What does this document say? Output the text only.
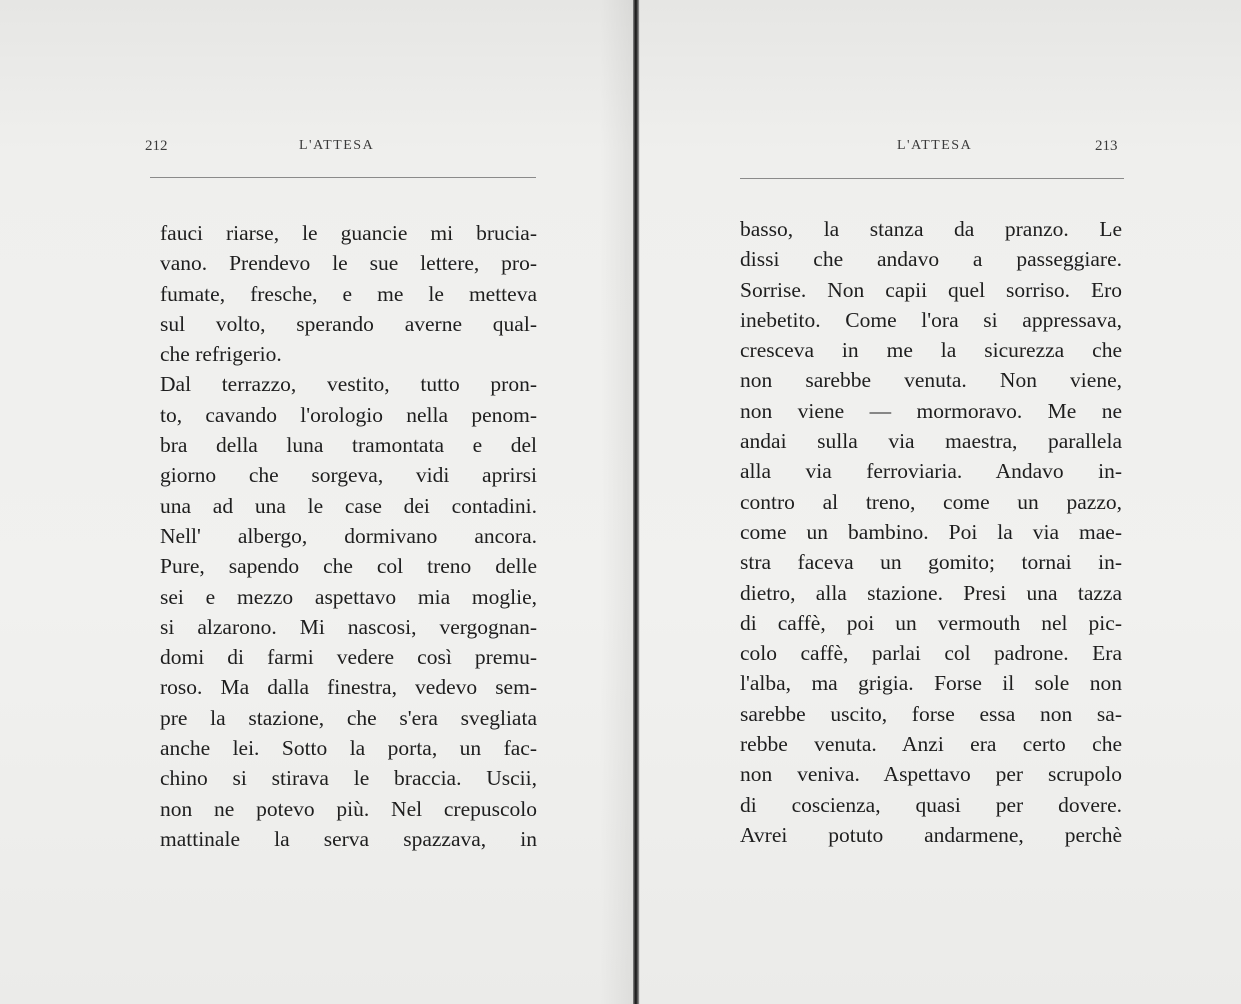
212	L'ATTESA
fauci riarse, le guancie mi brucia-
vano. Prendevo le sue lettere, pro-
fumate, fresche, e me le metteva
sul volto, sperando averne qual-
che refrigerio.
Dal terrazzo, vestito, tutto pron-
to, cavando l'orologio nella penom-
bra della luna tramontata e del
giorno che sorgeva, vidi aprirsi
una ad una le case dei contadini.
Nell' albergo, dormivano ancora.
Pure, sapendo che col treno delle
sei e mezzo aspettavo mia moglie,
si alzarono. Mi nascosi, vergognan-
domi di farmi vedere così premu-
roso. Ma dalla finestra, vedevo sem-
pre la stazione, che s'era svegliata
anche lei. Sotto la porta, un fac-
chino si stirava le braccia. Uscii,
non ne potevo più. Nel crepuscolo
mattinale la serva spazzava, in
L'ATTESA	213
basso, la stanza da pranzo. Le
dissi che andavo a passeggiare.
Sorrise. Non capii quel sorriso. Ero
inebetito. Come l'ora si appressava,
cresceva in me la sicurezza che
non sarebbe venuta. Non viene,
non viene — mormoravo. Me ne
andai sulla via maestra, parallela
alla via ferroviaria. Andavo in-
contro al treno, come un pazzo,
come un bambino. Poi la via mae-
stra faceva un gomito; tornai in-
dietro, alla stazione. Presi una tazza
di caffè, poi un vermouth nel pic-
colo caffè, parlai col padrone. Era
l'alba, ma grigia. Forse il sole non
sarebbe uscito, forse essa non sa-
rebbe venuta. Anzi era certo che
non veniva. Aspettavo per scrupolo
di coscienza, quasi per dovere.
Avrei potuto andarmene, perchè
